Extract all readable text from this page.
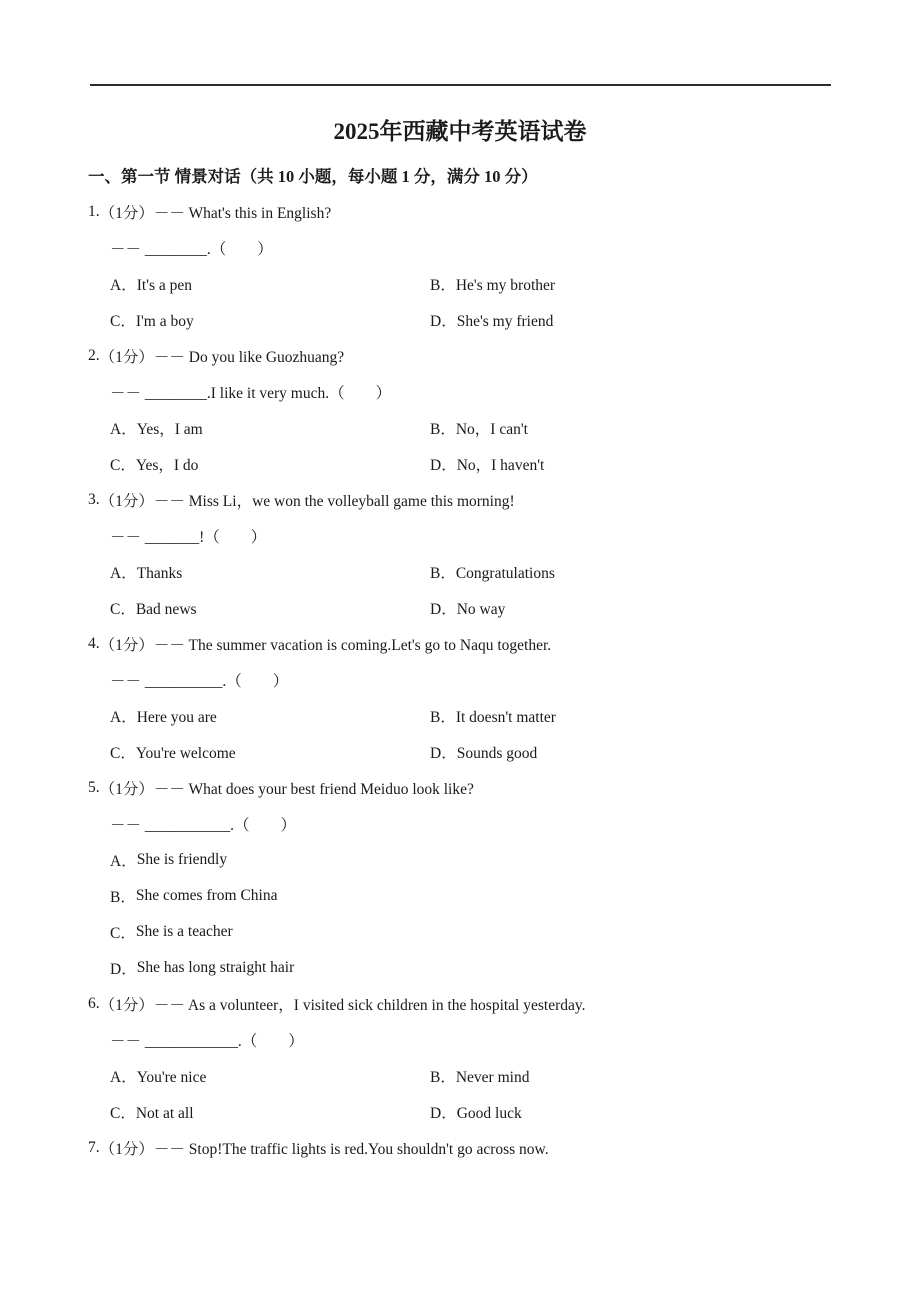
2025年西藏中考英语试卷
一、第一节 情景对话（共 10 小题，每小题 1 分，满分 10 分）
1. （1分） －－ What's this in English?
－－ ________.（　　）
A．It's a pen	B．He's my brother
C．I'm a boy	D．She's my friend
2. （1分） －－ Do you like Guozhuang?
－－ ________.I like it very much.（　　）
A．Yes，I am	B．No，I can't
C．Yes，I do	D．No，I haven't
3. （1分） －－ Miss Li，we won the volleyball game this morning!
－－ _______!（　　）
A．Thanks	B．Congratulations
C．Bad news	D．No way
4. （1分） －－ The summer vacation is coming.Let's go to Naqu together.
－－ __________.（　　）
A．Here you are	B．It doesn't matter
C．You're welcome	D．Sounds good
5. （1分） －－ What does your best friend Meiduo look like?
－－ ___________.（　　）
A． She is friendly
B． She comes from China
C． She is a teacher
D． She has long straight hair
6. （1分） －－ As a volunteer，I visited sick children in the hospital yesterday.
－－ ____________.（　　）
A．You're nice	B．Never mind
C．Not at all	D．Good luck
7. （1分） －－ Stop!The traffic lights is red.You shouldn't go across now.
